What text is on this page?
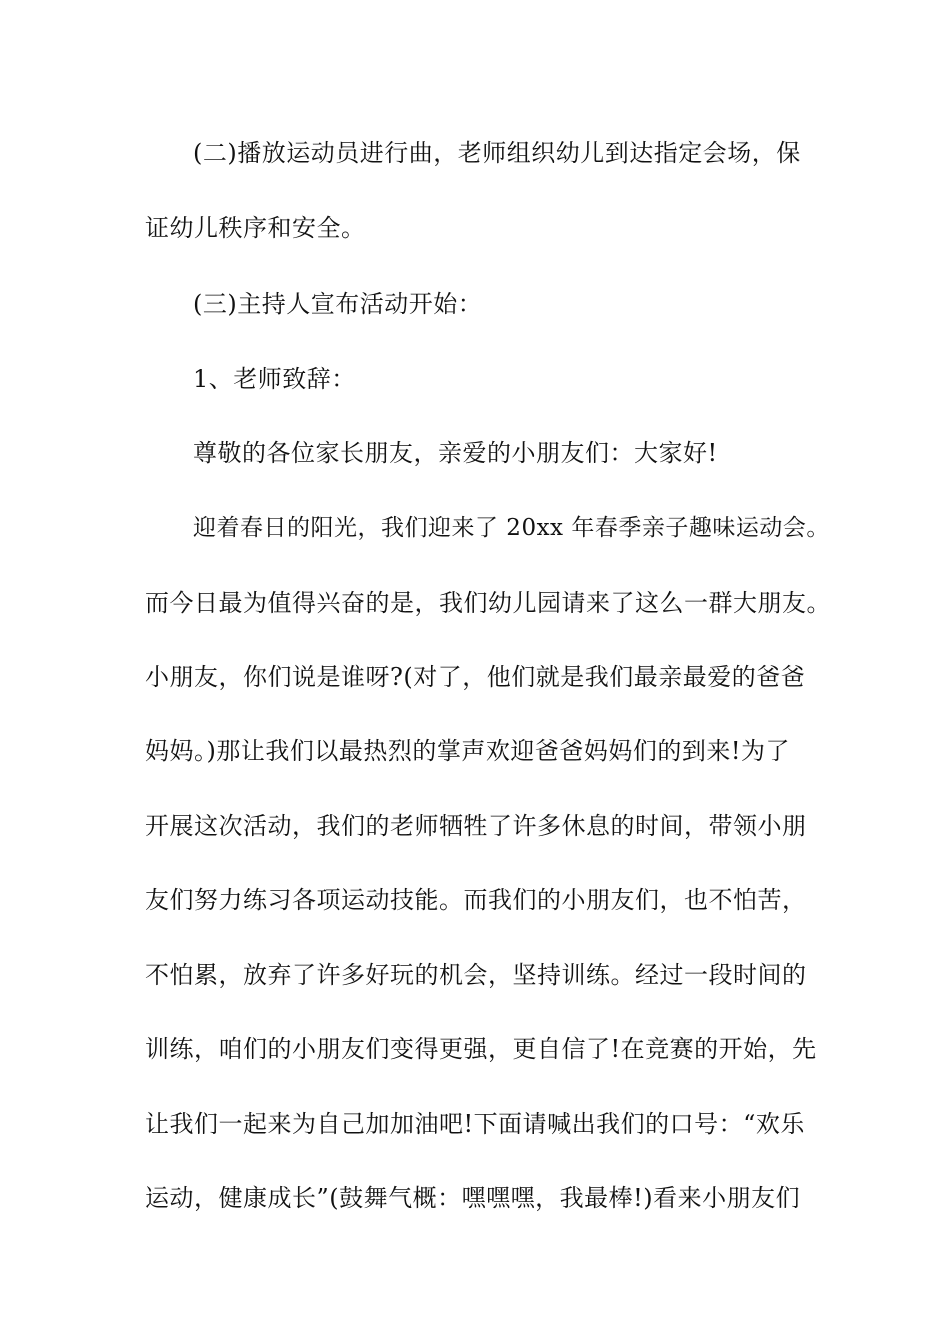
(二)播放运动员进行曲，老师组织幼儿到达指定会场，保
证幼儿秩序和安全。
(三)主持人宣布活动开始：
1、老师致辞：
尊敬的各位家长朋友，亲爱的小朋友们：大家好!
迎着春日的阳光，我们迎来了 20xx 年春季亲子趣味运动会。
而今日最为值得兴奋的是，我们幼儿园请来了这么一群大朋友。
小朋友，你们说是谁呀?(对了，他们就是我们最亲最爱的爸爸
妈妈。)那让我们以最热烈的掌声欢迎爸爸妈妈们的到来!为了
开展这次活动，我们的老师牺牲了许多休息的时间，带领小朋
友们努力练习各项运动技能。而我们的小朋友们，也不怕苦，
不怕累，放弃了许多好玩的机会，坚持训练。经过一段时间的
训练，咱们的小朋友们变得更强，更自信了!在竞赛的开始，先
让我们一起来为自己加加油吧!下面请喊出我们的口号：“欢乐
运动，健康成长”(鼓舞气概：嘿嘿嘿，我最棒!)看来小朋友们
